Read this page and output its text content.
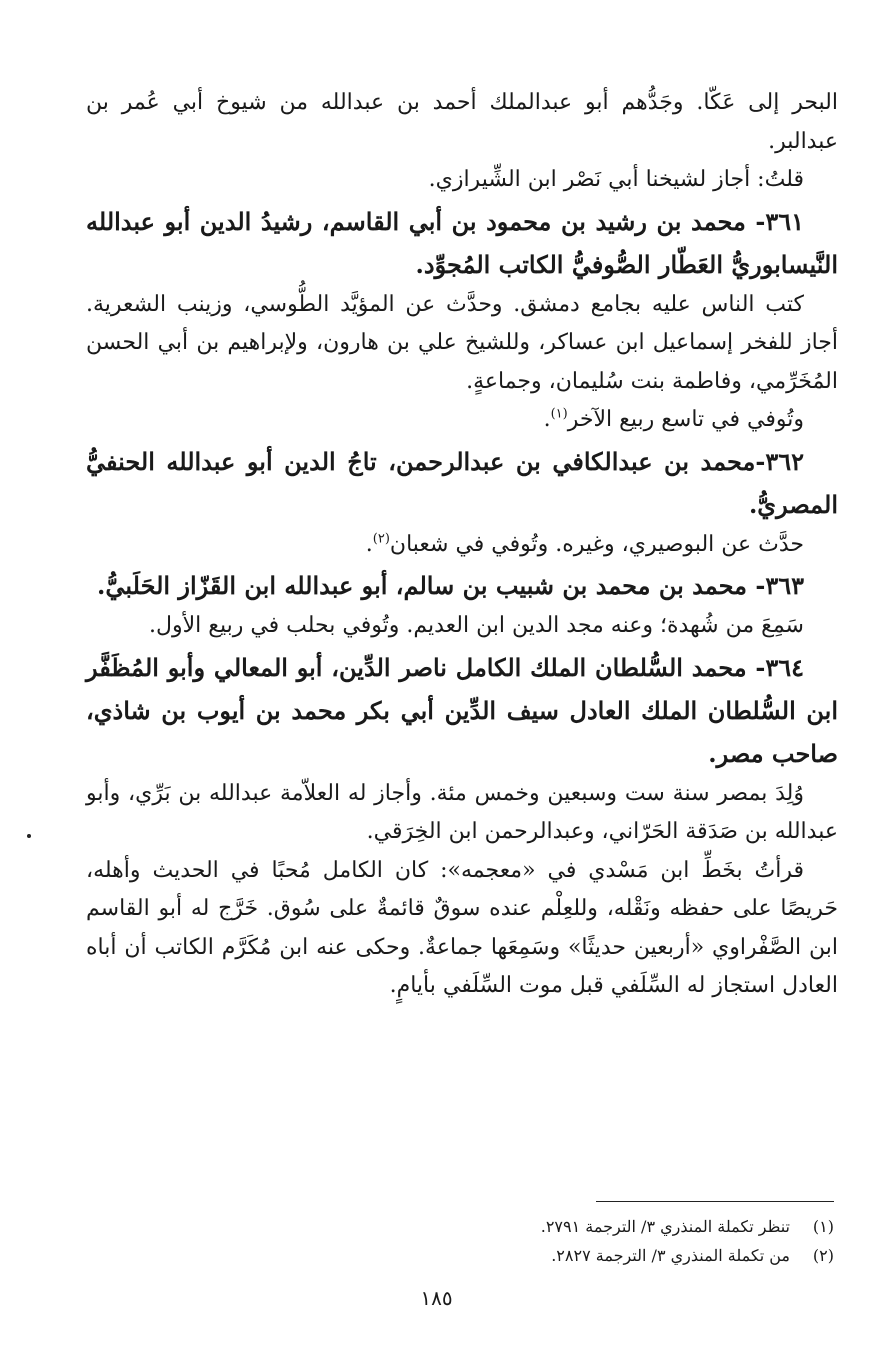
البحر إلى عَكّا. وجَدُّهم أبو عبدالملك أحمد بن عبدالله من شيوخ أبي عُمر بن عبدالبر.

قلتُ: أجاز لشيخنا أبي نَصْر ابن الشِّيرازي.

٣٦١- محمد بن رشيد بن محمود بن أبي القاسم، رشيدُ الدين أبو عبدالله النَّيسابوريُّ العَطّار الصُّوفيُّ الكاتب المُجوِّد.

كتب الناس عليه بجامع دمشق. وحدَّث عن المؤيَّد الطُّوسي، وزينب الشعرية. أجاز للفخر إسماعيل ابن عساكر، وللشيخ علي بن هارون، ولإبراهيم بن أبي الحسن المُخَرِّمي، وفاطمة بنت سُليمان، وجماعةٍ.

وتُوفي في تاسع ربيع الآخر$^{(١)}$.

٣٦٢-محمد بن عبدالكافي بن عبدالرحمن، تاجُ الدين أبو عبدالله الحنفيُّ المصريُّ.

حدَّث عن البوصيري، وغيره. وتُوفي في شعبان$^{(٢)}$.

٣٦٣- محمد بن محمد بن شبيب بن سالم، أبو عبدالله ابن القَزّاز الحَلَبيُّ.

سَمِعَ من شُهدة؛ وعنه مجد الدين ابن العديم. وتُوفي بحلب في ربيع الأول.

٣٦٤- محمد السُّلطان الملك الكامل ناصر الدِّين، أبو المعالي وأبو المُظَفَّر ابن السُّلطان الملك العادل سيف الدِّين أبي بكر محمد بن أيوب بن شاذي، صاحب مصر.

وُلِدَ بمصر سنة ست وسبعين وخمس مئة. وأجاز له العلاّمة عبدالله بن بَرِّي، وأبو عبدالله بن صَدَقة الحَرّاني، وعبدالرحمن ابن الخِرَقي.

قرأتُ بخَطِّ ابن مَسْدي في «معجمه»: كان الكامل مُحبًا في الحديث وأهله، حَريصًا على حفظه ونَقْله، وللعِلْم عنده سوقٌ قائمةٌ على سُوق. خَرَّج له أبو القاسم ابن الصَّفْراوي «أربعين حديثًا» وسَمِعَها جماعةٌ. وحكى عنه ابن مُكَرَّم الكاتب أن أباه العادل استجاز له السِّلَفي قبل موت السِّلَفي بأيامٍ.

(١)تنظر تكملة المنذري ٣/ الترجمة ٢٧٩١.

(٢)من تكملة المنذري ٣/ الترجمة ٢٨٢٧.

١٨٥
